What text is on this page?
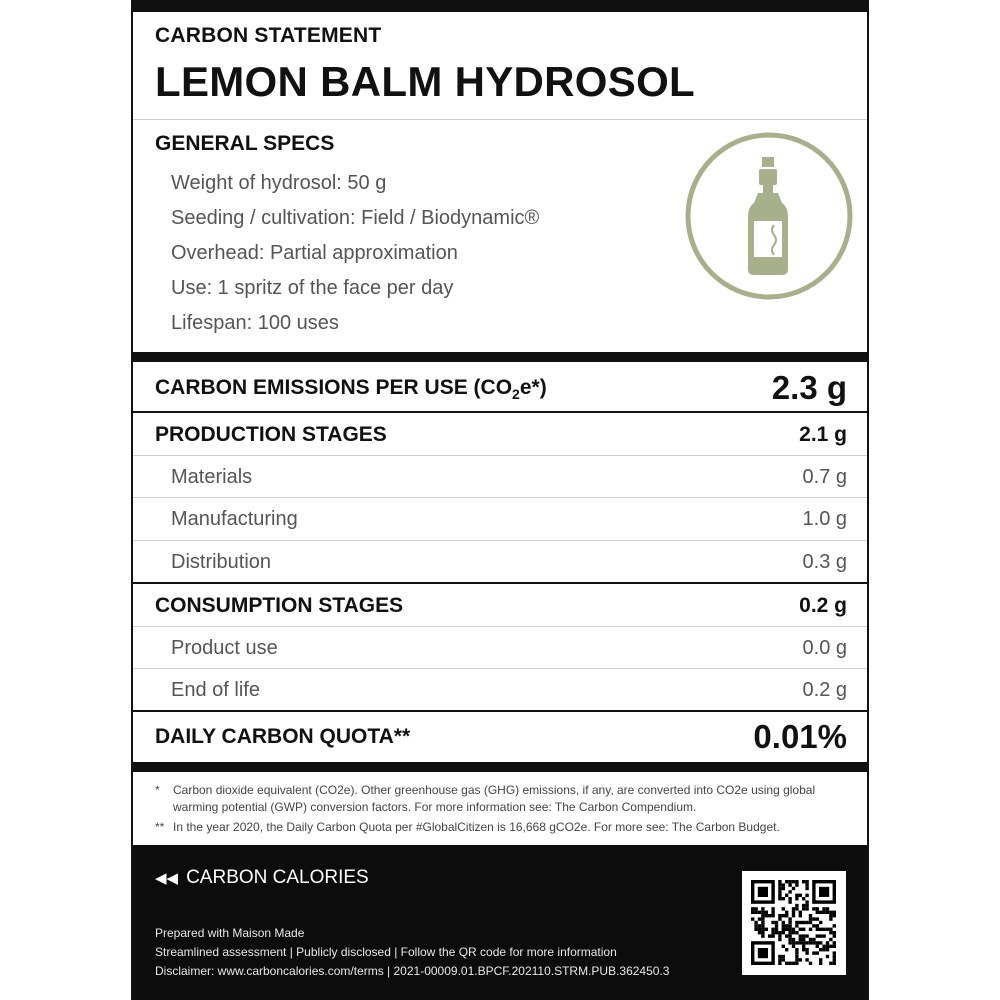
CARBON STATEMENT
LEMON BALM HYDROSOL
GENERAL SPECS
Weight of hydrosol: 50 g
Seeding / cultivation: Field / Biodynamic®
Overhead: Partial approximation
Use: 1 spritz of the face per day
Lifespan: 100 uses
CARBON EMISSIONS PER USE $(CO_2e*)$	2.3 g
PRODUCTION STAGES	2.1 g
Materials	0.7 g
Manufacturing	1.0 g
Distribution	0.3 g
CONSUMPTION STAGES	0.2 g
Product use	0.0 g
End of life	0.2 g
DAILY CARBON QUOTA**	0.01%
* Carbon dioxide equivalent (CO2e). Other greenhouse gas (GHG) emissions, if any, are converted into CO2e using global warming potential (GWP) conversion factors. For more information see: The Carbon Compendium.
** In the year 2020, the Daily Carbon Quota per #GlobalCitizen is 16,668 gCO2e. For more see: The Carbon Budget.
◀◀ CARBON CALORIES
Prepared with Maison Made
Streamlined assessment | Publicly disclosed | Follow the QR code for more information
Disclaimer: www.carboncalories.com/terms | 2021-00009.01.BPCF.202110.STRM.PUB.362450.3
